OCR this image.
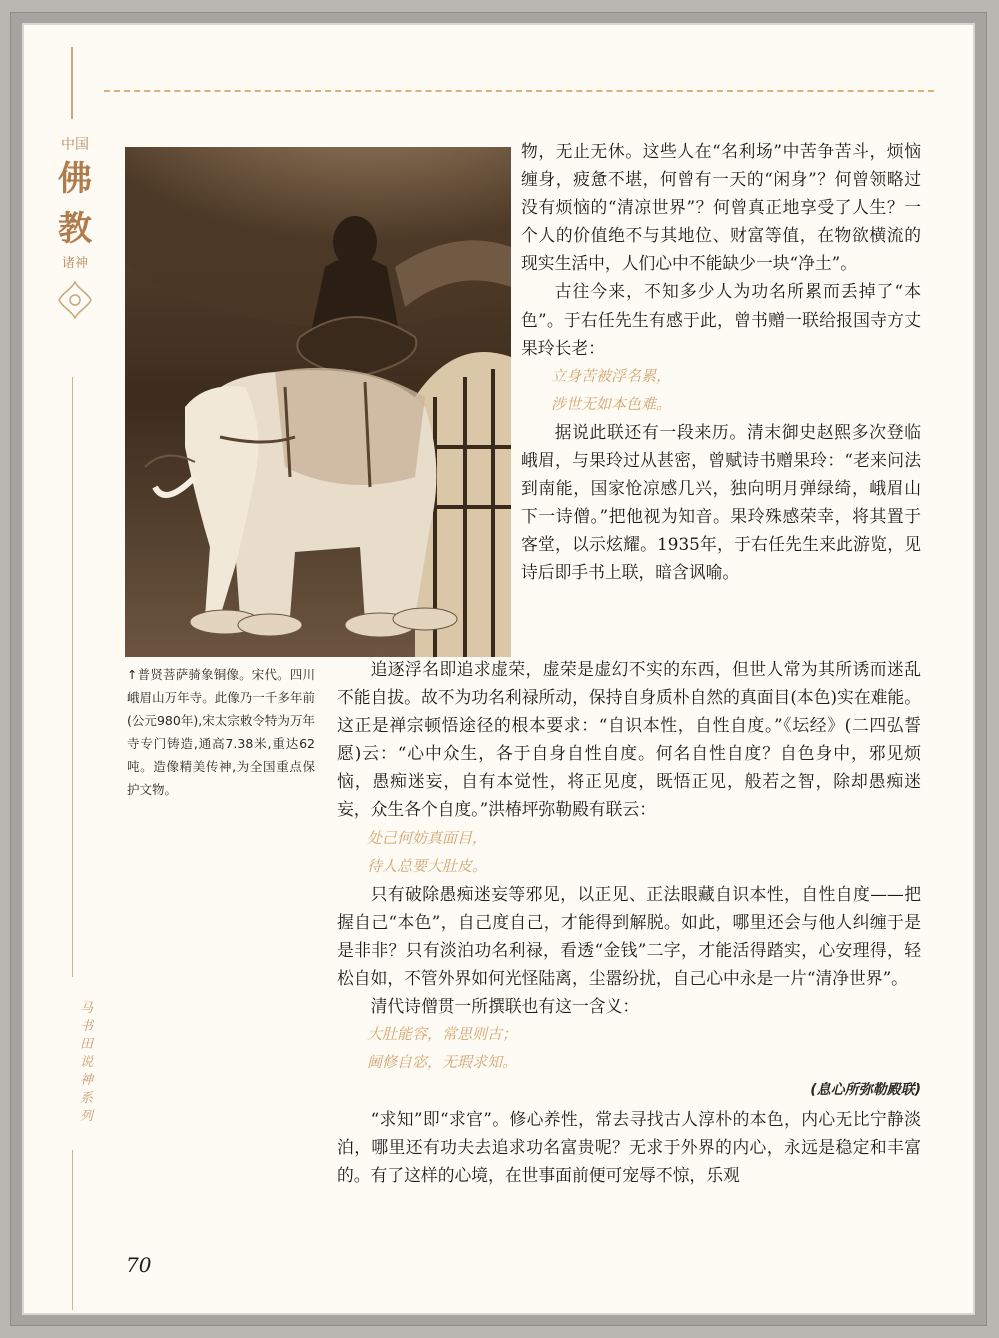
中国
佛
教
诸神
马书田说神系列
↑普贤菩萨骑象铜像。宋代。四川峨眉山万年寺。此像乃一千多年前(公元980年),宋太宗敕令特为万年寺专门铸造,通高7.38米,重达62吨。造像精美传神,为全国重点保护文物。

物，无止无休。这些人在“名利场”中苦争苦斗，烦恼缠身，疲惫不堪，何曾有一天的“闲身”？何曾领略过没有烦恼的“清凉世界”？何曾真正地享受了人生？一个人的价值绝不与其地位、财富等值，在物欲横流的现实生活中，人们心中不能缺少一块“净土”。

古往今来，不知多少人为功名所累而丢掉了“本色”。于右任先生有感于此，曾书赠一联给报国寺方丈果玲长老：

立身苦被浮名累，
涉世无如本色难。

据说此联还有一段来历。清末御史赵熙多次登临峨眉，与果玲过从甚密，曾赋诗书赠果玲：“老来问法到南能，国家怆凉感几兴，独向明月弹绿绮，峨眉山下一诗僧。”把他视为知音。果玲殊感荣幸，将其置于客堂，以示炫耀。1935年，于右任先生来此游览，见诗后即手书上联，暗含讽喻。

追逐浮名即追求虚荣，虚荣是虚幻不实的东西，但世人常为其所诱而迷乱不能自拔。故不为功名利禄所动，保持自身质朴自然的真面目(本色)实在难能。这正是禅宗顿悟途径的根本要求：“自识本性，自性自度。”《坛经》(二四弘誓愿)云：“心中众生，各于自身自性自度。何名自性自度？自色身中，邪见烦恼，愚痴迷妄，自有本觉性，将正见度，既悟正见，般若之智，除却愚痴迷妄，众生各个自度。”洪椿坪弥勒殿有联云：

处己何妨真面目，
待人总要大肚皮。

只有破除愚痴迷妄等邪见，以正见、正法眼藏自识本性，自性自度——把握自己“本色”，自己度自己，才能得到解脱。如此，哪里还会与他人纠缠于是是非非？只有淡泊功名利禄，看透“金钱”二字，才能活得踏实，心安理得，轻松自如，不管外界如何光怪陆离，尘嚣纷扰，自己心中永是一片“清净世界”。

清代诗僧贯一所撰联也有这一含义：

大肚能容，常思则古；
阃修自宓，无瑕求知。
(息心所弥勒殿联)

“求知”即“求官”。修心养性，常去寻找古人淳朴的本色，内心无比宁静淡泊，哪里还有功夫去追求功名富贵呢？无求于外界的内心，永远是稳定和丰富的。有了这样的心境，在世事面前便可宠辱不惊，乐观

70
